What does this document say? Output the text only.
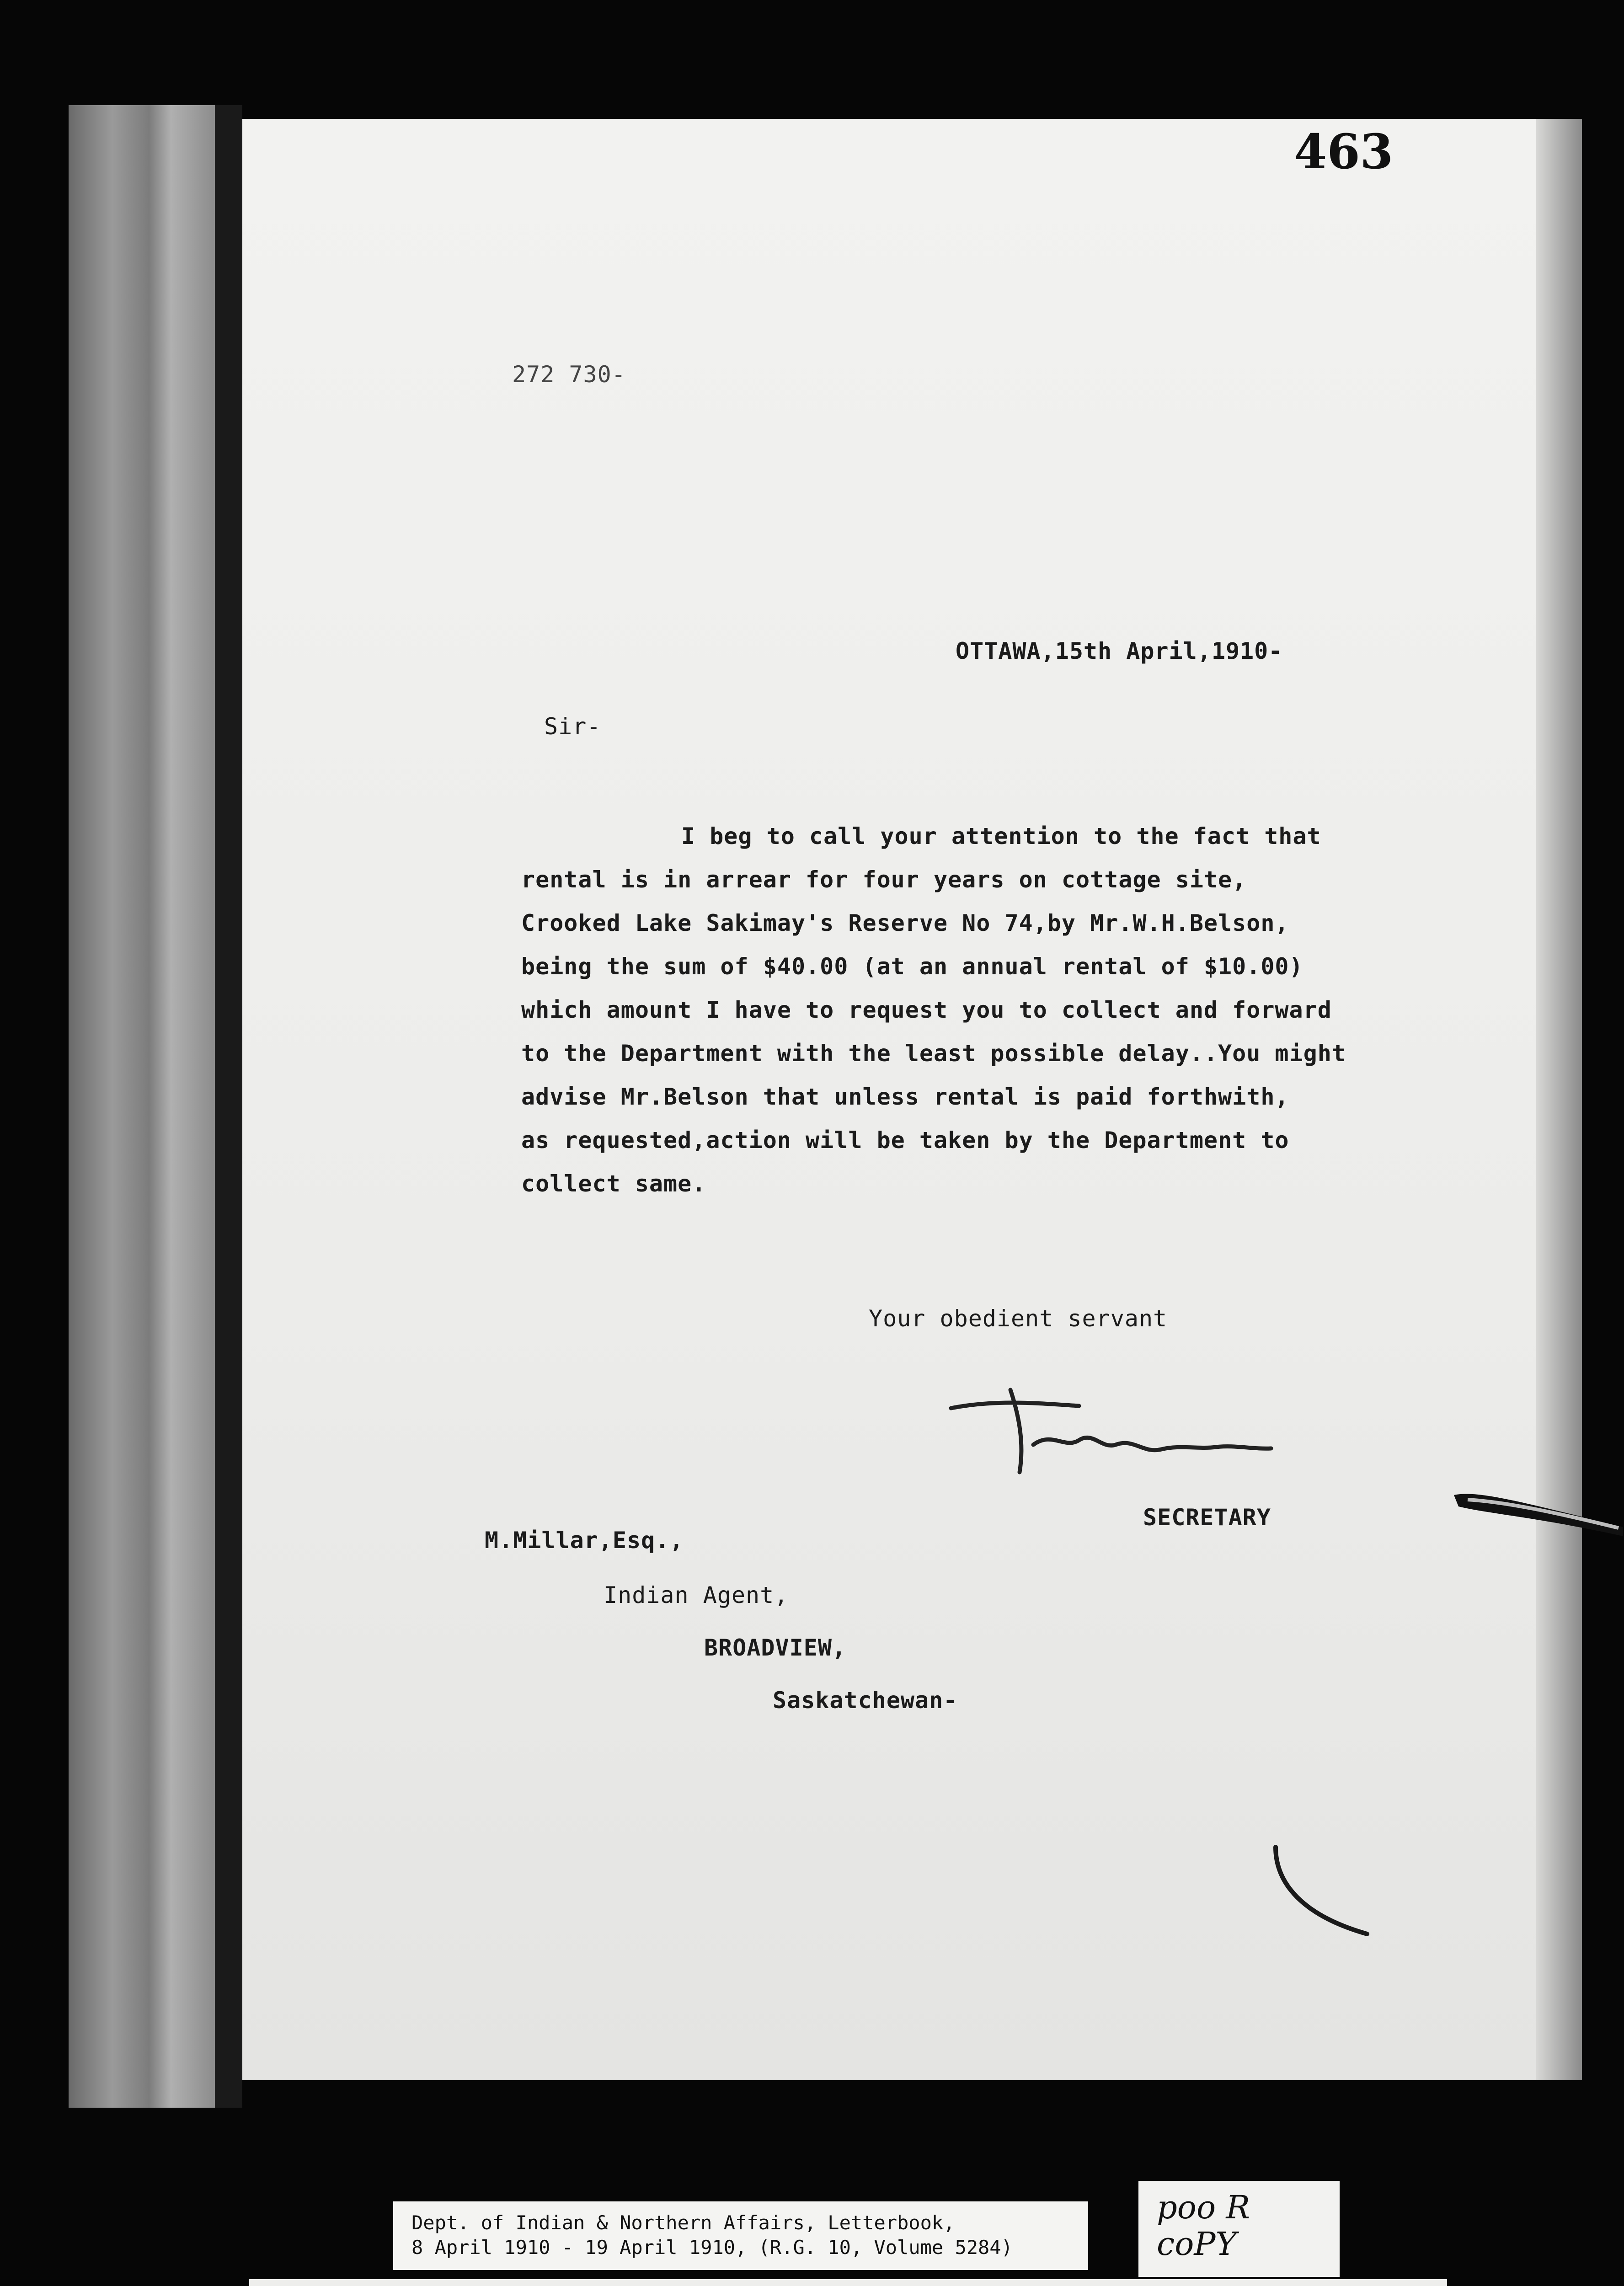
463
272 730-
OTTAWA,15th April,1910-
Sir-
I beg to call your attention to the fact that
rental is in arrear for four years on cottage site,
Crooked Lake Sakimay's Reserve No 74,by Mr.W.H.Belson,
being the sum of $40.00 (at an annual rental of $10.00)
which amount I have to request you to collect and forward
to the Department with the least possible delay..You might
advise Mr.Belson that unless rental is paid forthwith,
as requested,action will be taken by the Department to
collect same.
Your obedient servant
SECRETARY
M.Millar,Esq.,
Indian Agent,
BROADVIEW,
Saskatchewan-
Dept. of Indian & Northern Affairs, Letterbook,
8 April 1910 - 19 April 1910, (R.G. 10, Volume 5284)
poo R
coPY
